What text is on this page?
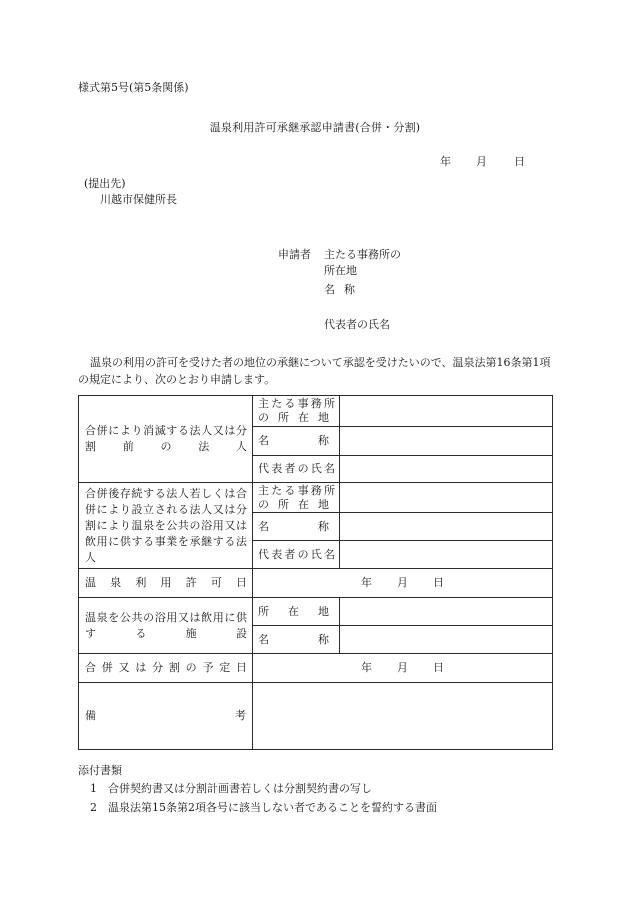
様式第5号(第5条関係)
温泉利用許可承継承認申請書(合併・分割)
年 月 日
(提出先)
川越市保健所長
申請者 主たる事務所の
所在地
名 称
代表者の氏名
温泉の利用の許可を受けた者の地位の承継について承認を受けたいので、温泉法第16条第1項の規定により、次のとおり申請します。
合併により消滅する法人又は分割前の法人	主たる事務所
の所在地	

	名 称	

	代表者の氏名	

合併後存続する法人若しくは合併により設立される法人又は分割により温泉を公共の浴用又は飲用に供する事業を承継する法人	主たる事務所
の所在地	

	名 称	

	代表者の氏名	

温泉利用許可日	年 月 日	

温泉を公共の浴用又は飲用に供する施設	所 在 地	

	名 称	

合併又は分割の予定日	年 月 日	

備 考		

添付書類
1 合併契約書又は分割計画書若しくは分割契約書の写し
2 温泉法第15条第2項各号に該当しない者であることを誓約する書面
